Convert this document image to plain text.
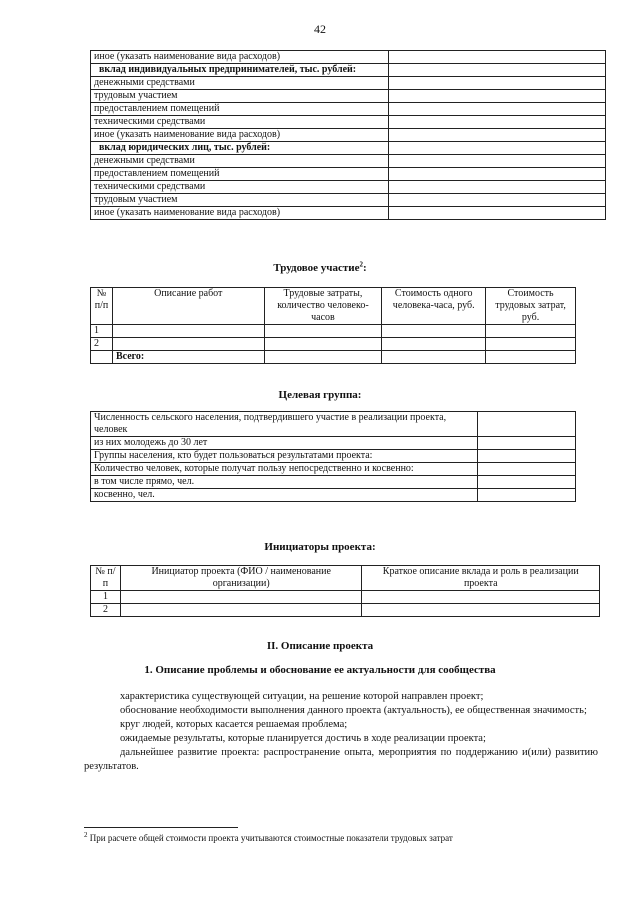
42
иное (указать наименование вида расходов)	
вклад индивидуальных предпринимателей, тыс. рублей:	
денежными средствами	
трудовым участием	
предоставлением помещений	
техническими средствами	
иное (указать наименование вида расходов)	
вклад юридических лиц, тыс. рублей:	
денежными средствами	
предоставлением помещений	
техническими средствами	
трудовым участием	
иное (указать наименование вида расходов)	
Трудовое участие$^2$:
№ п/п	Описание работ	Трудовые затраты, количество человеко-часов	Стоимость одного человека-часа, руб.	Стоимость трудовых затрат, руб.
1				
2				
	Всего:			
Целевая группа:
Численность сельского населения, подтвердившего участие в реализации проекта, человек	
из них молодежь до 30 лет	
Группы населения, кто будет пользоваться результатами проекта:	
Количество человек, которые получат пользу непосредственно и косвенно:	
в том числе прямо, чел.	
косвенно, чел.	
Инициаторы проекта:
№ п/п	Инициатор проекта (ФИО / наименование организации)	Краткое описание вклада и роль в реализации проекта
1		
2		
II. Описание проекта
1. Описание проблемы и обоснование ее актуальности для сообщества
характеристика существующей ситуации, на решение которой направлен проект;
обоснование необходимости выполнения данного проекта (актуальность), ее общественная значимость;
круг людей, которых касается решаемая проблема;
ожидаемые результаты, которые планируется достичь в ходе реализации проекта;
дальнейшее развитие проекта: распространение опыта, мероприятия по поддержанию и(или) развитию результатов.
$^2$ При расчете общей стоимости проекта учитываются стоимостные показатели трудовых затрат
